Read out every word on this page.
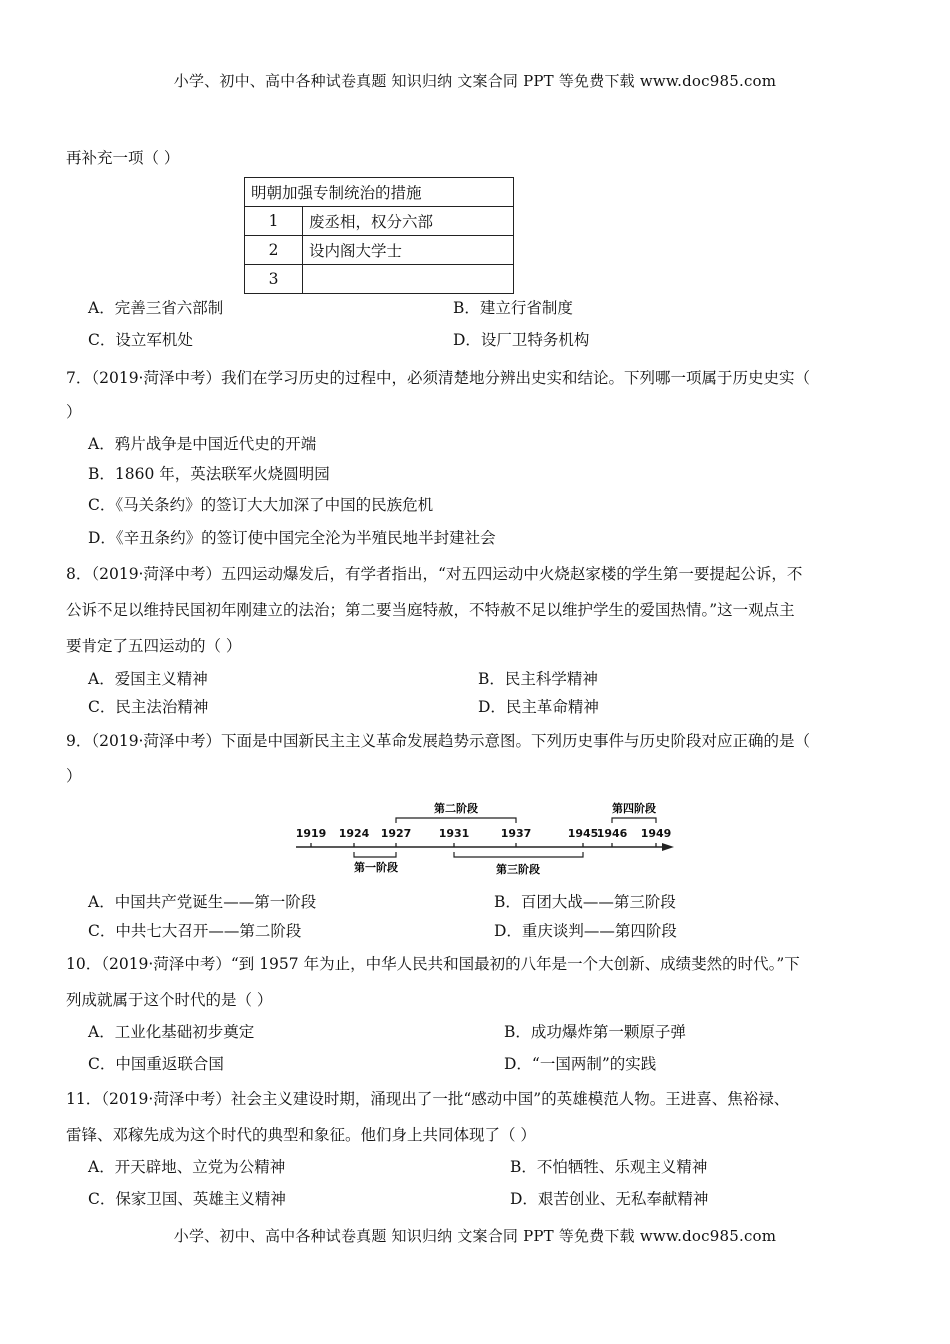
小学、初中、高中各种试卷真题 知识归纳 文案合同 PPT 等免费下载 www.doc985.com
再补充一项（ ）
明朝加强专制统治的措施	
1	废丞相，权分六部
2	设内阁大学士
3	
A．完善三省六部制	B．建立行省制度
C．设立军机处	D．设厂卫特务机构
7．（2019·菏泽中考）我们在学习历史的过程中，必须清楚地分辨出史实和结论。下列哪一项属于历史史实（
）
A．鸦片战争是中国近代史的开端
B．1860 年，英法联军火烧圆明园
C．《马关条约》的签订大大加深了中国的民族危机
D．《辛丑条约》的签订使中国完全沦为半殖民地半封建社会
8．（2019·菏泽中考）五四运动爆发后，有学者指出，“对五四运动中火烧赵家楼的学生第一要提起公诉，不
公诉不足以维持民国初年刚建立的法治；第二要当庭特赦，不特赦不足以维护学生的爱国热情。”这一观点主
要肯定了五四运动的（ ）
A．爱国主义精神	B．民主科学精神
C．民主法治精神	D．民主革命精神
9．（2019·菏泽中考）下面是中国新民主主义革命发展趋势示意图。下列历史事件与历史阶段对应正确的是（
）
1919 1924 1927 1931	1937	1945
1946 1949
第二阶段	第四阶段
第一阶段	第三阶段
A．中国共产党诞生——第一阶段	B．百团大战——第三阶段
C．中共七大召开——第二阶段	D．重庆谈判——第四阶段
10．（2019·菏泽中考）“到 1957 年为止，中华人民共和国最初的八年是一个大创新、成绩斐然的时代。”下
列成就属于这个时代的是（ ）
A．工业化基础初步奠定	B．成功爆炸第一颗原子弹
C．中国重返联合国	D．“一国两制”的实践
11．（2019·菏泽中考）社会主义建设时期，涌现出了一批“感动中国”的英雄模范人物。王进喜、焦裕禄、
雷锋、邓稼先成为这个时代的典型和象征。他们身上共同体现了（ ）
A．开天辟地、立党为公精神	B．不怕牺牲、乐观主义精神
C．保家卫国、英雄主义精神	D．艰苦创业、无私奉献精神
小学、初中、高中各种试卷真题 知识归纳 文案合同 PPT 等免费下载 www.doc985.com
